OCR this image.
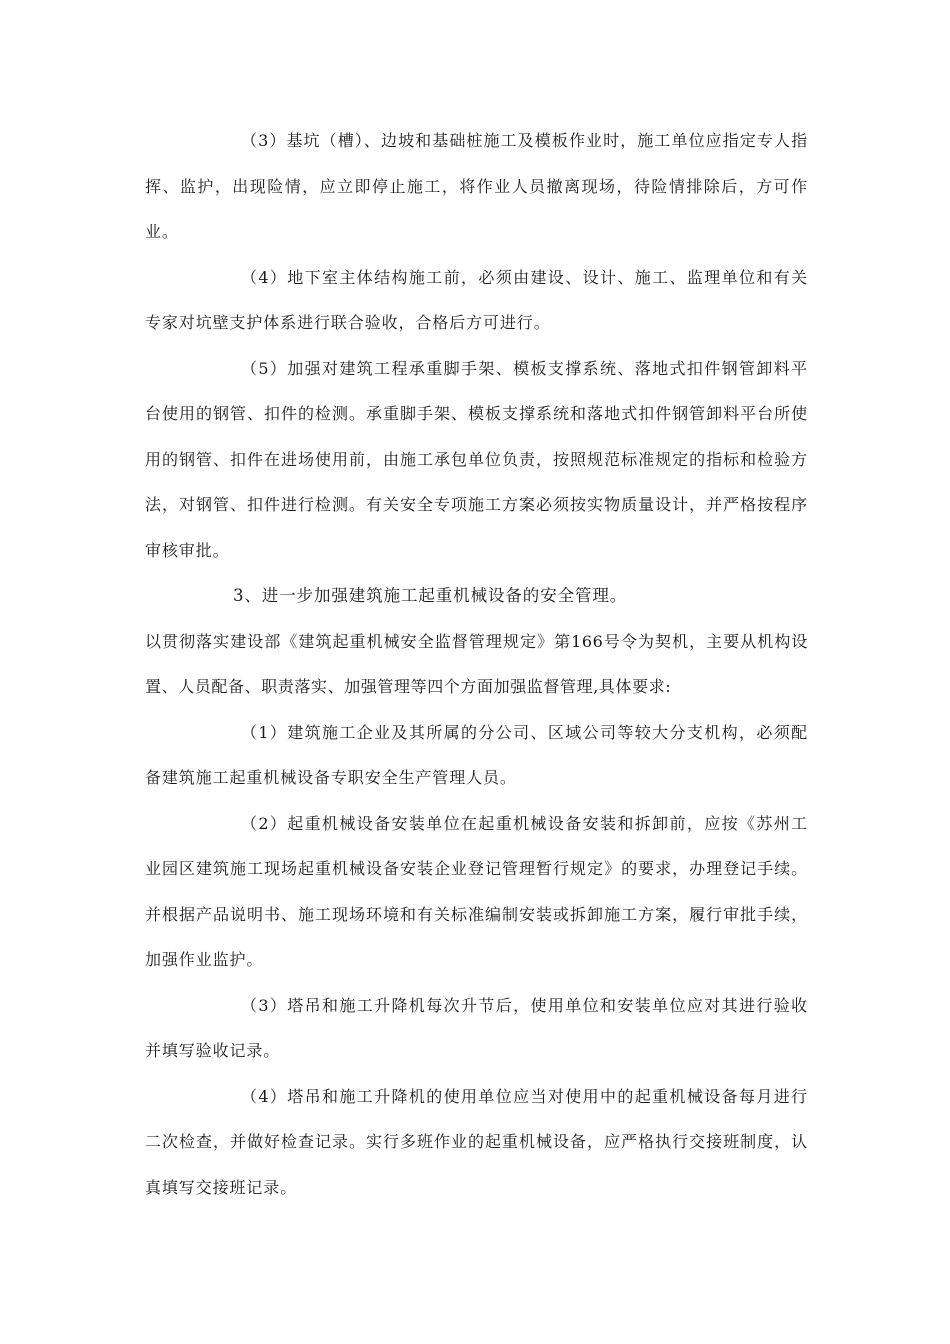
（3）基坑（槽）、边坡和基础桩施工及模板作业时，施工单位应指定专人指挥、监护，出现险情，应立即停止施工，将作业人员撤离现场，待险情排除后，方可作业。

（4）地下室主体结构施工前，必须由建设、设计、施工、监理单位和有关专家对坑壁支护体系进行联合验收，合格后方可进行。

（5）加强对建筑工程承重脚手架、模板支撑系统、落地式扣件钢管卸料平台使用的钢管、扣件的检测。承重脚手架、模板支撑系统和落地式扣件钢管卸料平台所使用的钢管、扣件在进场使用前，由施工承包单位负责，按照规范标准规定的指标和检验方法，对钢管、扣件进行检测。有关安全专项施工方案必须按实物质量设计，并严格按程序审核审批。

3、进一步加强建筑施工起重机械设备的安全管理。

以贯彻落实建设部《建筑起重机械安全监督管理规定》第166号令为契机，主要从机构设置、人员配备、职责落实、加强管理等四个方面加强监督管理,具体要求:

（1）建筑施工企业及其所属的分公司、区域公司等较大分支机构，必须配备建筑施工起重机械设备专职安全生产管理人员。

（2）起重机械设备安装单位在起重机械设备安装和拆卸前，应按《苏州工业园区建筑施工现场起重机械设备安装企业登记管理暂行规定》的要求，办理登记手续。并根据产品说明书、施工现场环境和有关标准编制安装或拆卸施工方案，履行审批手续，加强作业监护。

（3）塔吊和施工升降机每次升节后，使用单位和安装单位应对其进行验收并填写验收记录。

（4）塔吊和施工升降机的使用单位应当对使用中的起重机械设备每月进行二次检查，并做好检查记录。实行多班作业的起重机械设备，应严格执行交接班制度，认真填写交接班记录。
